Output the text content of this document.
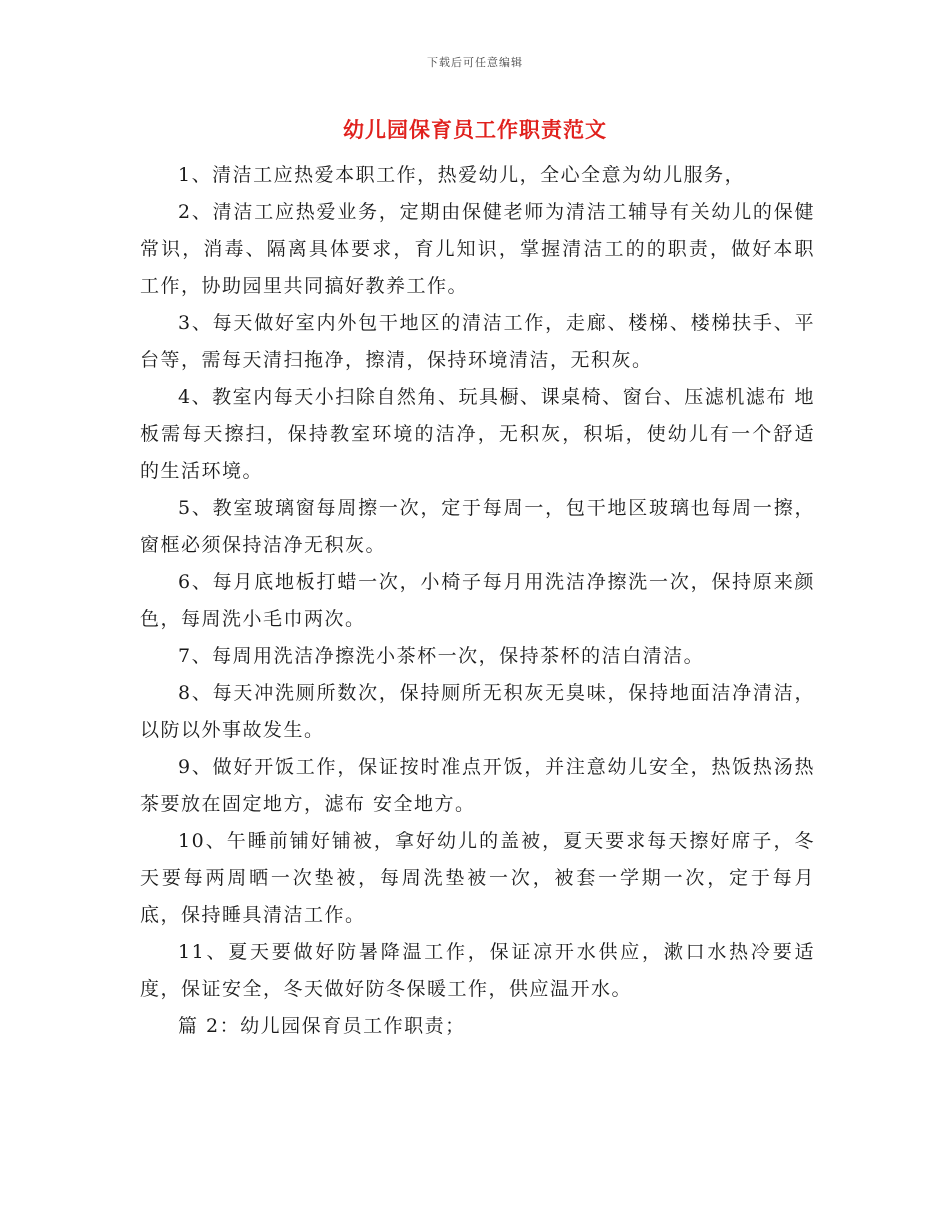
下载后可任意编辑
幼儿园保育员工作职责范文

1、清洁工应热爱本职工作，热爱幼儿，全心全意为幼儿服务，

2、清洁工应热爱业务，定期由保健老师为清洁工辅导有关幼儿的保健常识，消毒、隔离具体要求，育儿知识，掌握清洁工的的职责，做好本职工作，协助园里共同搞好教养工作。

3、每天做好室内外包干地区的清洁工作，走廊、楼梯、楼梯扶手、平台等，需每天清扫拖净，擦清，保持环境清洁，无积灰。

4、教室内每天小扫除自然角、玩具橱、课桌椅、窗台、压滤机滤布 地板需每天擦扫，保持教室环境的洁净，无积灰，积垢，使幼儿有一个舒适的生活环境。

5、教室玻璃窗每周擦一次，定于每周一，包干地区玻璃也每周一擦，窗框必须保持洁净无积灰。

6、每月底地板打蜡一次，小椅子每月用洗洁净擦洗一次，保持原来颜色，每周洗小毛巾两次。

7、每周用洗洁净擦洗小茶杯一次，保持茶杯的洁白清洁。

8、每天冲洗厕所数次，保持厕所无积灰无臭味，保持地面洁净清洁，以防以外事故发生。

9、做好开饭工作，保证按时准点开饭，并注意幼儿安全，热饭热汤热茶要放在固定地方，滤布 安全地方。

10、午睡前铺好铺被，拿好幼儿的盖被，夏天要求每天擦好席子，冬天要每两周晒一次垫被，每周洗垫被一次，被套一学期一次，定于每月底，保持睡具清洁工作。

11、夏天要做好防暑降温工作，保证凉开水供应，漱口水热冷要适度，保证安全，冬天做好防冬保暖工作，供应温开水。

篇 2：幼儿园保育员工作职责；
